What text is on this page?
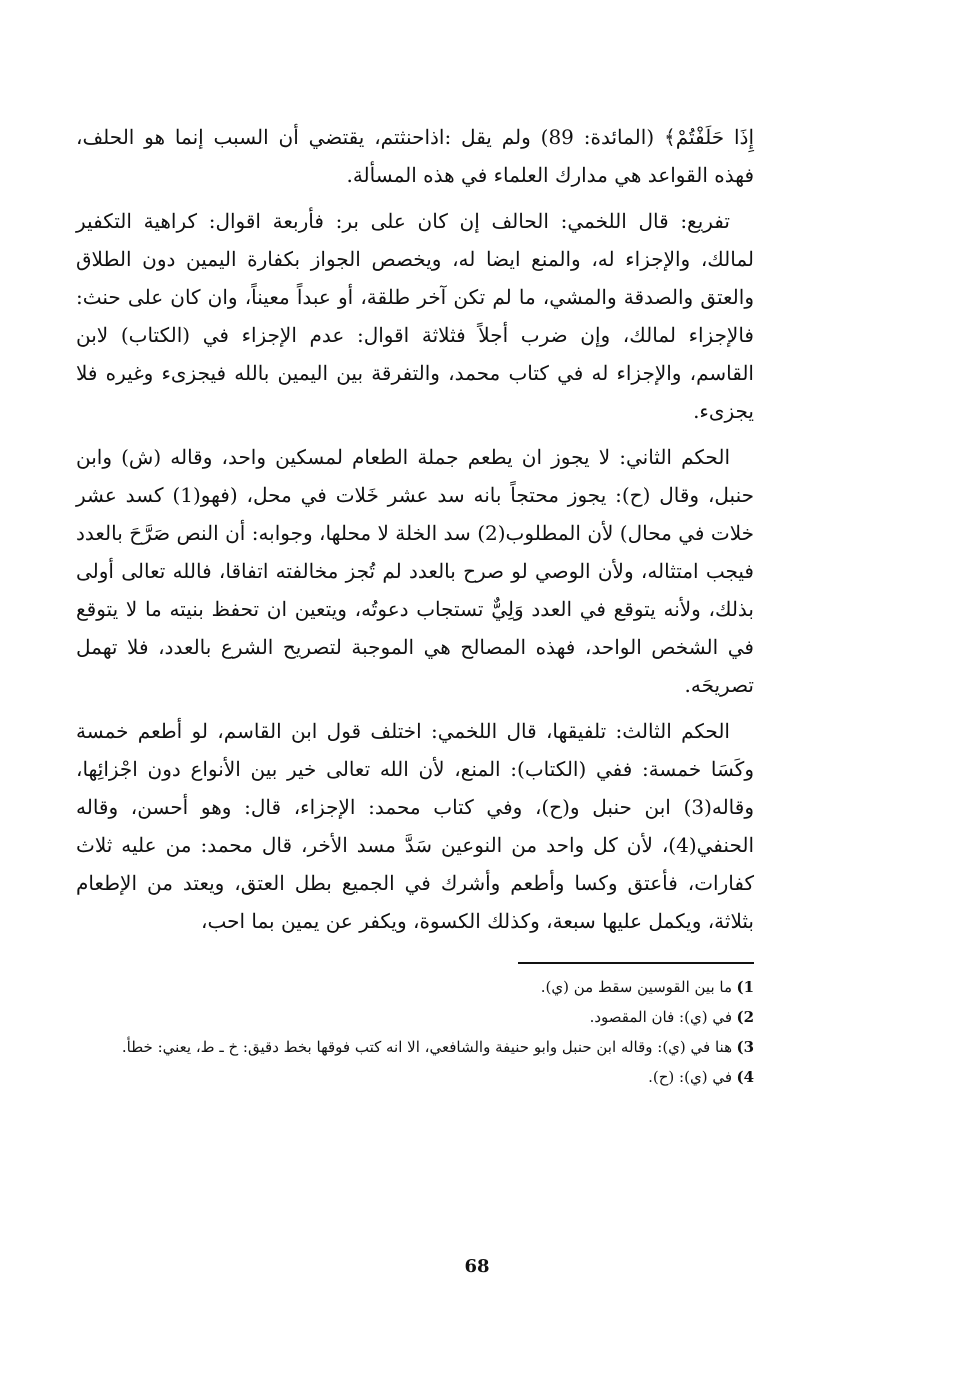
إِذَا حَلَفْتُمْ﴾ (المائدة: 89) ولم يقل :اذاحنثتم، يقتضي أن السبب إنما هو الحلف، فهذه القواعد هي مدارك العلماء في هذه المسألة.

تفريع: قال اللخمي: الحالف إن كان على بر: فأربعة اقوال: كراهية التكفير لمالك، والإجزاء له، والمنع ايضا له، ويخصص الجواز بكفارة اليمين دون الطلاق والعتق والصدقة والمشي، ما لم تكن آخر طلقة، أو عبداً معيناً، وان كان على حنث: فالإجزاء لمالك، وإن ضرب أجلاً فثلاثة اقوال: عدم الإجزاء في (الكتاب) لابن القاسم، والإجزاء له في كتاب محمد، والتفرقة بين اليمين بالله فيجزىء وغيره فلا يجزىء.

الحكم الثاني: لا يجوز ان يطعم جملة الطعام لمسكين واحد، وقاله (ش) وابن حنبل، وقال (ح): يجوز محتجاً بانه سد عشر خَلات في محل، (فهو(1) كسد عشر خلات في محال) لأن المطلوب(2) سد الخلة لا محلها، وجوابه: أن النص صَرَّحَ بالعدد فيجب امتثاله، ولأن الوصي لو صرح بالعدد لم تُجز مخالفته اتفاقا، فالله تعالى أولى بذلك، ولأنه يتوقع في العدد وَلِيٌّ تستجاب دعوتُه، ويتعين ان تحفظ بنيته ما لا يتوقع في الشخص الواحد، فهذه المصالح هي الموجبة لتصريح الشرع بالعدد، فلا تهمل تصريحَه.

الحكم الثالث: تلفيقها، قال اللخمي: اختلف قول ابن القاسم، لو أطعم خمسة وكَسَا خمسة: ففي (الكتاب): المنع، لأن الله تعالى خير بين الأنواع دون اجْزائِها، وقاله(3) ابن حنبل و(ح)، وفي كتاب محمد: الإجزاء، قال: وهو أحسن، وقاله الحنفي(4)، لأن كل واحد من النوعين سَدَّ مسد الأخر، قال محمد: من عليه ثلاث كفارات، فأعتق وكسا وأطعم وأشرك في الجميع بطل العتق، ويعتد من الإطعام بثلاثة، ويكمل عليها سبعة، وكذلك الكسوة، ويكفر عن يمين بما احب،

1)
ما بين القوسين سقط من (ي).
2)
في (ي): فان المقصود.
3)
هنا في (ي): وقاله ابن حنبل وابو حنيفة والشافعي، الا انه كتب فوقها بخط دقيق: خ ـ ط، يعني: خطأ.
4)
في (ي): (ح).
68
